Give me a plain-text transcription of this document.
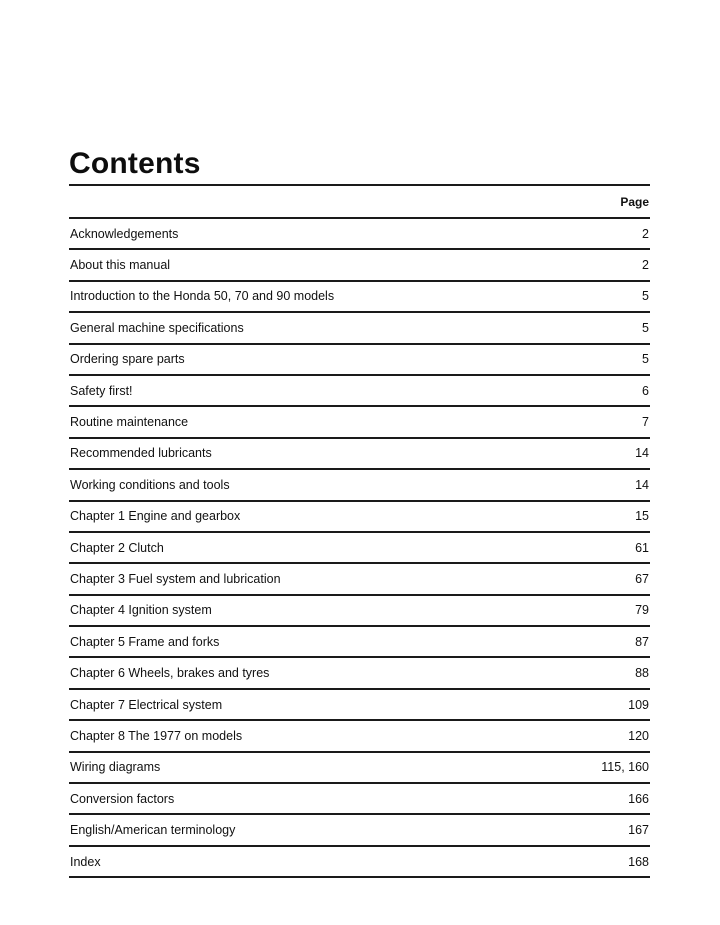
Contents
Page
Acknowledgements	2
About this manual	2
Introduction to the Honda 50, 70 and 90 models	5
General machine specifications	5
Ordering spare parts	5
Safety first!	6
Routine maintenance	7
Recommended lubricants	14
Working conditions and tools	14
Chapter 1 Engine and gearbox	15
Chapter 2 Clutch	61
Chapter 3 Fuel system and lubrication	67
Chapter 4 Ignition system	79
Chapter 5 Frame and forks	87
Chapter 6 Wheels, brakes and tyres	88
Chapter 7 Electrical system	109
Chapter 8 The 1977 on models	120
Wiring diagrams	115, 160
Conversion factors	166
English/American terminology	167
Index	168
